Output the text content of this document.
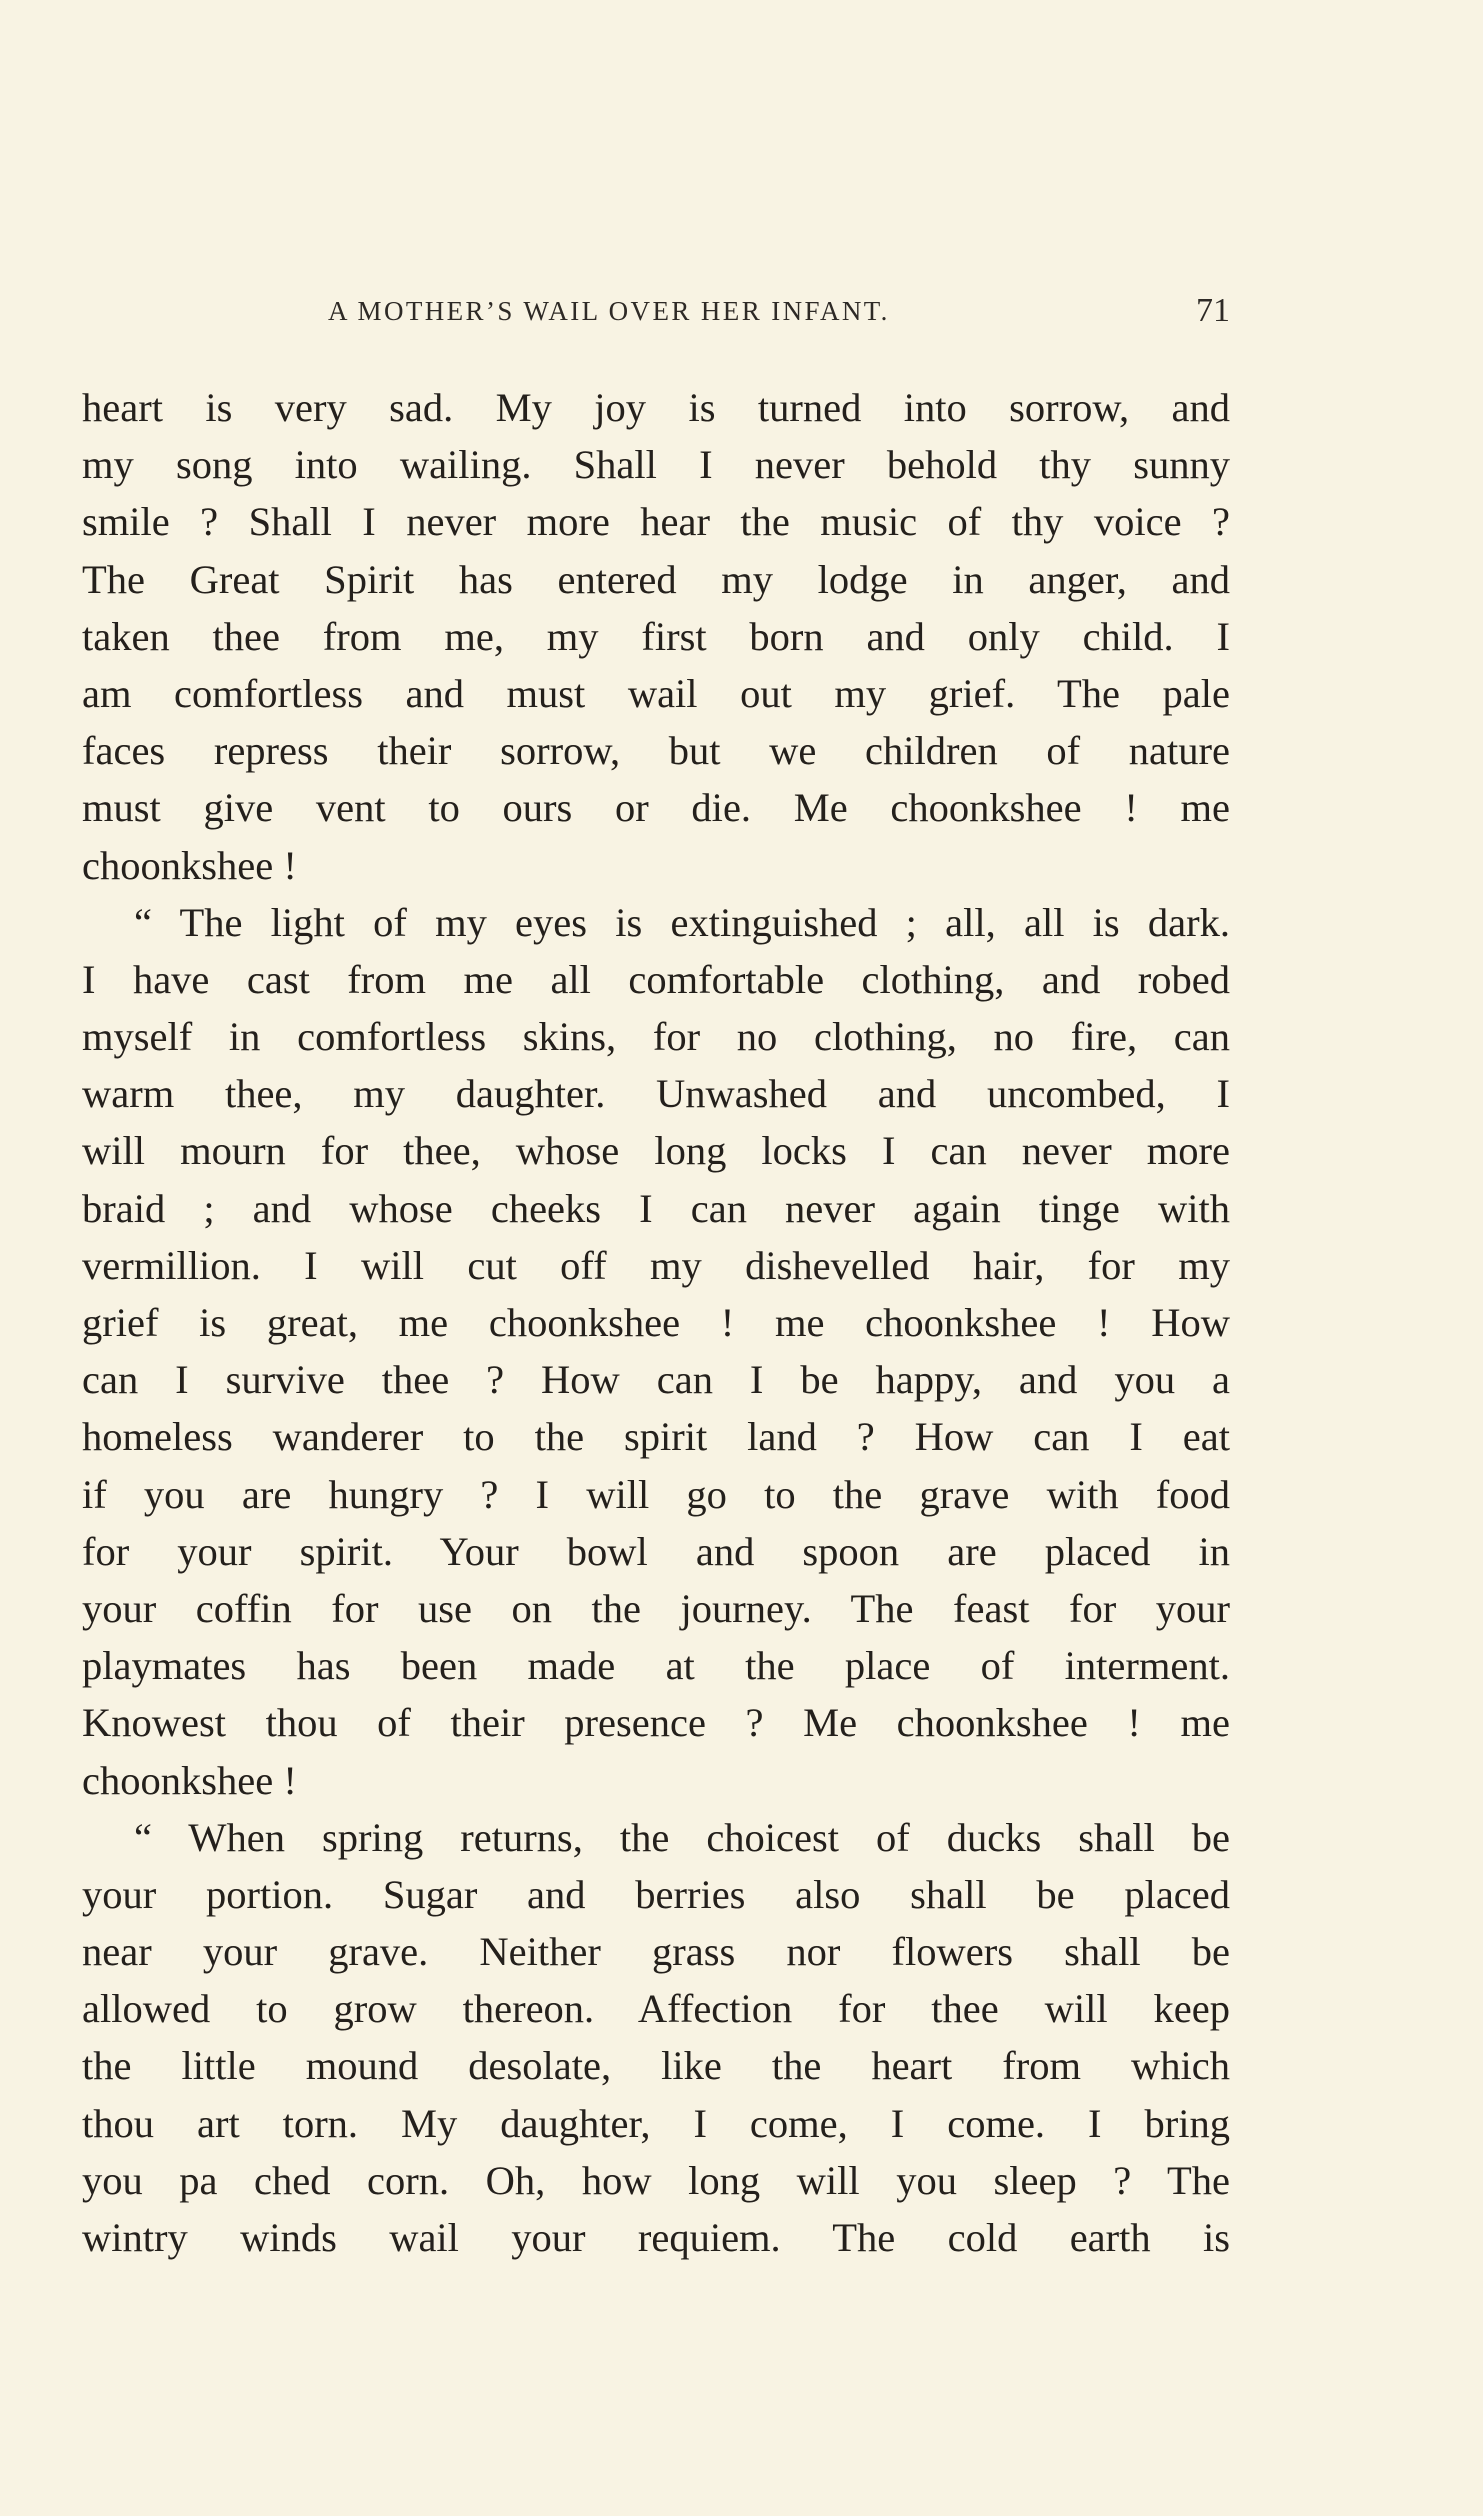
A MOTHER’S WAIL OVER HER INFANT.	71
heart is very sad. My joy is turned into sorrow, and
my song into wailing. Shall I never behold thy sunny
smile ? Shall I never more hear the music of thy voice ?
The Great Spirit has entered my lodge in anger, and
taken thee from me, my first born and only child. I
am comfortless and must wail out my grief. The pale
faces repress their sorrow, but we children of nature
must give vent to ours or die. Me choonkshee ! me
choonkshee !
“ The light of my eyes is extinguished ; all, all is dark.
I have cast from me all comfortable clothing, and robed
myself in comfortless skins, for no clothing, no fire, can
warm thee, my daughter. Unwashed and uncombed, I
will mourn for thee, whose long locks I can never more
braid ; and whose cheeks I can never again tinge with
vermillion. I will cut off my dishevelled hair, for my
grief is great, me choonkshee ! me choonkshee ! How
can I survive thee ? How can I be happy, and you a
homeless wanderer to the spirit land ? How can I eat
if you are hungry ? I will go to the grave with food
for your spirit. Your bowl and spoon are placed in
your coffin for use on the journey. The feast for your
playmates has been made at the place of interment.
Knowest thou of their presence ? Me choonkshee ! me
choonkshee !
“ When spring returns, the choicest of ducks shall be
your portion. Sugar and berries also shall be placed
near your grave. Neither grass nor flowers shall be
allowed to grow thereon. Affection for thee will keep
the little mound desolate, like the heart from which
thou art torn. My daughter, I come, I come. I bring
you pa ched corn. Oh, how long will you sleep ? The
wintry winds wail your requiem. The cold earth is
